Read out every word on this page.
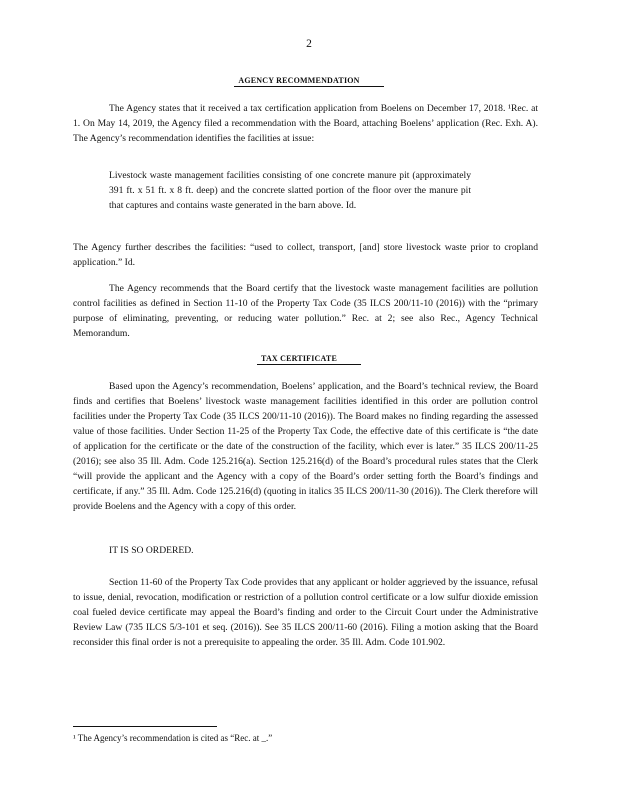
2
AGENCY RECOMMENDATION

The Agency states that it received a tax certification application from Boelens on December 17, 2018. ¹Rec. at 1. On May 14, 2019, the Agency filed a recommendation with the Board, attaching Boelens’ application (Rec. Exh. A). The Agency’s recommendation identifies the facilities at issue:

Livestock waste management facilities consisting of one concrete manure pit (approximately 391 ft. x 51 ft. x 8 ft. deep) and the concrete slatted portion of the floor over the manure pit that captures and contains waste generated in the barn above. Id.

The Agency further describes the facilities: “used to collect, transport, [and] store livestock waste prior to cropland application.” Id.

The Agency recommends that the Board certify that the livestock waste management facilities are pollution control facilities as defined in Section 11-10 of the Property Tax Code (35 ILCS 200/11-10 (2016)) with the “primary purpose of eliminating, preventing, or reducing water pollution.” Rec. at 2; see also Rec., Agency Technical Memorandum.

TAX CERTIFICATE

Based upon the Agency’s recommendation, Boelens’ application, and the Board’s technical review, the Board finds and certifies that Boelens’ livestock waste management facilities identified in this order are pollution control facilities under the Property Tax Code (35 ILCS 200/11-10 (2016)). The Board makes no finding regarding the assessed value of those facilities. Under Section 11-25 of the Property Tax Code, the effective date of this certificate is “the date of application for the certificate or the date of the construction of the facility, which ever is later.” 35 ILCS 200/11-25 (2016); see also 35 Ill. Adm. Code 125.216(a). Section 125.216(d) of the Board’s procedural rules states that the Clerk “will provide the applicant and the Agency with a copy of the Board’s order setting forth the Board’s findings and certificate, if any.” 35 Ill. Adm. Code 125.216(d) (quoting in italics 35 ILCS 200/11-30 (2016)). The Clerk therefore will provide Boelens and the Agency with a copy of this order.

IT IS SO ORDERED.

Section 11-60 of the Property Tax Code provides that any applicant or holder aggrieved by the issuance, refusal to issue, denial, revocation, modification or restriction of a pollution control certificate or a low sulfur dioxide emission coal fueled device certificate may appeal the Board’s finding and order to the Circuit Court under the Administrative Review Law (735 ILCS 5/3-101 et seq. (2016)). See 35 ILCS 200/11-60 (2016). Filing a motion asking that the Board reconsider this final order is not a prerequisite to appealing the order. 35 Ill. Adm. Code 101.902.

¹ The Agency’s recommendation is cited as “Rec. at _.”
